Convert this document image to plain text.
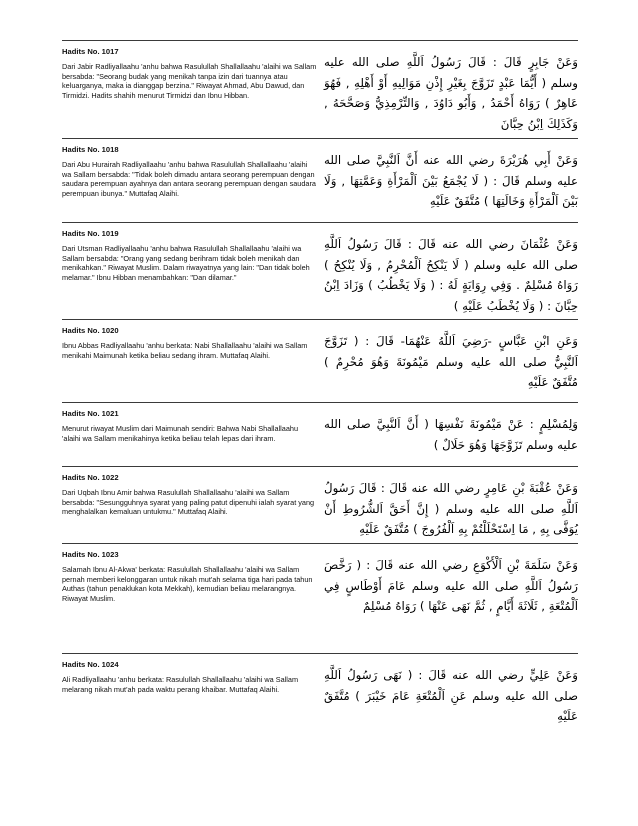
Hadits No. 1017

Dari Jabir Radliyallaahu 'anhu bahwa Rasulullah Shallallaahu 'alaihi wa Sallam bersabda: "Seorang budak yang menikah tanpa izin dari tuannya atau keluarganya, maka ia dianggap berzina." Riwayat Ahmad, Abu Dawud, dan Tirmidzi. Hadits shahih menurut Tirmidzi dan Ibnu Hibban.

وَعَنْ جَابِرٍ قَالَ : قَالَ رَسُولُ اَللَّهِ صلى الله عليه وسلم ( أَيُّمَا عَبْدٍ تَزَوَّجَ بِغَيْرِ إِذْنِ مَوَالِيهِ أَوْ أَهْلِهِ , فَهُوَ عَاهِرٌ ) رَوَاهُ أَحْمَدُ , وَأَبُو دَاوُدَ , وَالتِّرْمِذِيُّ وَصَحَّحَهُ , وَكَذَلِكَ اِبْنُ حِبَّانَ

Hadits No. 1018

Dari Abu Hurairah Radliyallaahu 'anhu bahwa Rasulullah Shallallaahu 'alaihi wa Sallam bersabda: "Tidak boleh dimadu antara seorang perempuan dengan saudara perempuan ayahnya dan antara seorang perempuan dengan saudara perempuan ibunya." Muttafaq Alaihi.

وَعَنْ أَبِي هُرَيْرَةَ رضي الله عنه أَنَّ اَلنَّبِيَّ صلى الله عليه وسلم قَالَ : ( لَا يُجْمَعُ بَيْنَ اَلْمَرْأَةِ وَعَمَّتِهَا , وَلَا بَيْنَ اَلْمَرْأَةِ وَخَالَتِهَا ) مُتَّفَقٌ عَلَيْهِ

Hadits No. 1019

Dari Utsman Radliyallaahu 'anhu bahwa Rasulullah Shallallaahu 'alaihi wa Sallam bersabda: "Orang yang sedang berihram tidak boleh menikah dan menikahkan." Riwayat Muslim. Dalam riwayatnya yang lain: "Dan tidak boleh melamar." Ibnu Hibban menambahkan: "Dan dilamar."

وَعَنْ عُثْمَانَ رضي الله عنه قَالَ : قَالَ رَسُولُ اَللَّهِ صلى الله عليه وسلم ( لَا يَنْكِحُ اَلْمُحْرِمُ , وَلَا يُنْكِحُ ) رَوَاهُ مُسْلِمٌ . وَفِي رِوَايَةٍ لَهُ : ( وَلَا يَخْطُبُ ) وَزَادَ اِبْنُ حِبَّانَ : ( وَلَا يُخْطَبُ عَلَيْهِ )

Hadits No. 1020

Ibnu Abbas Radliyallaahu 'anhu berkata: Nabi Shallallaahu 'alaihi wa Sallam menikahi Maimunah ketika beliau sedang ihram. Muttafaq Alaihi.

وَعَنِ ابْنِ عَبَّاسٍ -رَضِيَ اَللَّهُ عَنْهُمَا- قَالَ : ( تَزَوَّجَ اَلنَّبِيُّ صلى الله عليه وسلم مَيْمُونَةَ وَهُوَ مُحْرِمٌ ) مُتَّفَقٌ عَلَيْهِ

Hadits No. 1021

Menurut riwayat Muslim dari Maimunah sendiri: Bahwa Nabi Shallallaahu 'alaihi wa Sallam menikahinya ketika beliau telah lepas dari ihram.

وَلِمُسْلِمٍ : عَنْ مَيْمُونَةَ نَفْسِهَا ( أَنَّ اَلنَّبِيَّ صلى الله عليه وسلم تَزَوَّجَهَا وَهُوَ حَلَالٌ )

Hadits No. 1022

Dari Uqbah Ibnu Amir bahwa Rasulullah Shallallaahu 'alaihi wa Sallam bersabda: "Sesungguhnya syarat yang paling patut dipenuhi ialah syarat yang menghalalkan kemaluan untukmu." Muttafaq Alaihi.

وَعَنْ عُقْبَةَ بْنِ عَامِرٍ رضي الله عنه قَالَ : قَالَ رَسُولُ اَللَّهِ صلى الله عليه وسلم ( إِنَّ أَحَقَّ اَلشُّرُوطِ أَنْ يُوَفَّى بِهِ , مَا اِسْتَحْلَلْتُمْ بِهِ اَلْفُرُوجَ ) مُتَّفَقٌ عَلَيْهِ

Hadits No. 1023

Salamah Ibnu Al-Akwa' berkata: Rasulullah Shallallaahu 'alaihi wa Sallam pernah memberi kelonggaran untuk nikah mut'ah selama tiga hari pada tahun Authas (tahun penaklukan kota Mekkah), kemudian beliau melarangnya. Riwayat Muslim.

وَعَنْ سَلَمَةَ بْنِ اَلْأَكْوَعِ رضي الله عنه قَالَ : ( رَخَّصَ رَسُولُ اَللَّهِ صلى الله عليه وسلم عَامَ أَوْطَاسٍ فِي اَلْمُتْعَةِ , ثَلَاثَةَ أَيَّامٍ , ثُمَّ نَهَى عَنْهَا ) رَوَاهُ مُسْلِمٌ

Hadits No. 1024

Ali Radliyallaahu 'anhu berkata: Rasulullah Shallallaahu 'alaihi wa Sallam melarang nikah mut'ah pada waktu perang khaibar. Muttafaq Alaihi.

وَعَنْ عَلِيٍّ رضي الله عنه قَالَ : ( نَهَى رَسُولُ اَللَّهِ صلى الله عليه وسلم عَنِ اَلْمُتْعَةِ عَامَ خَيْبَرَ ) مُتَّفَقٌ عَلَيْهِ
